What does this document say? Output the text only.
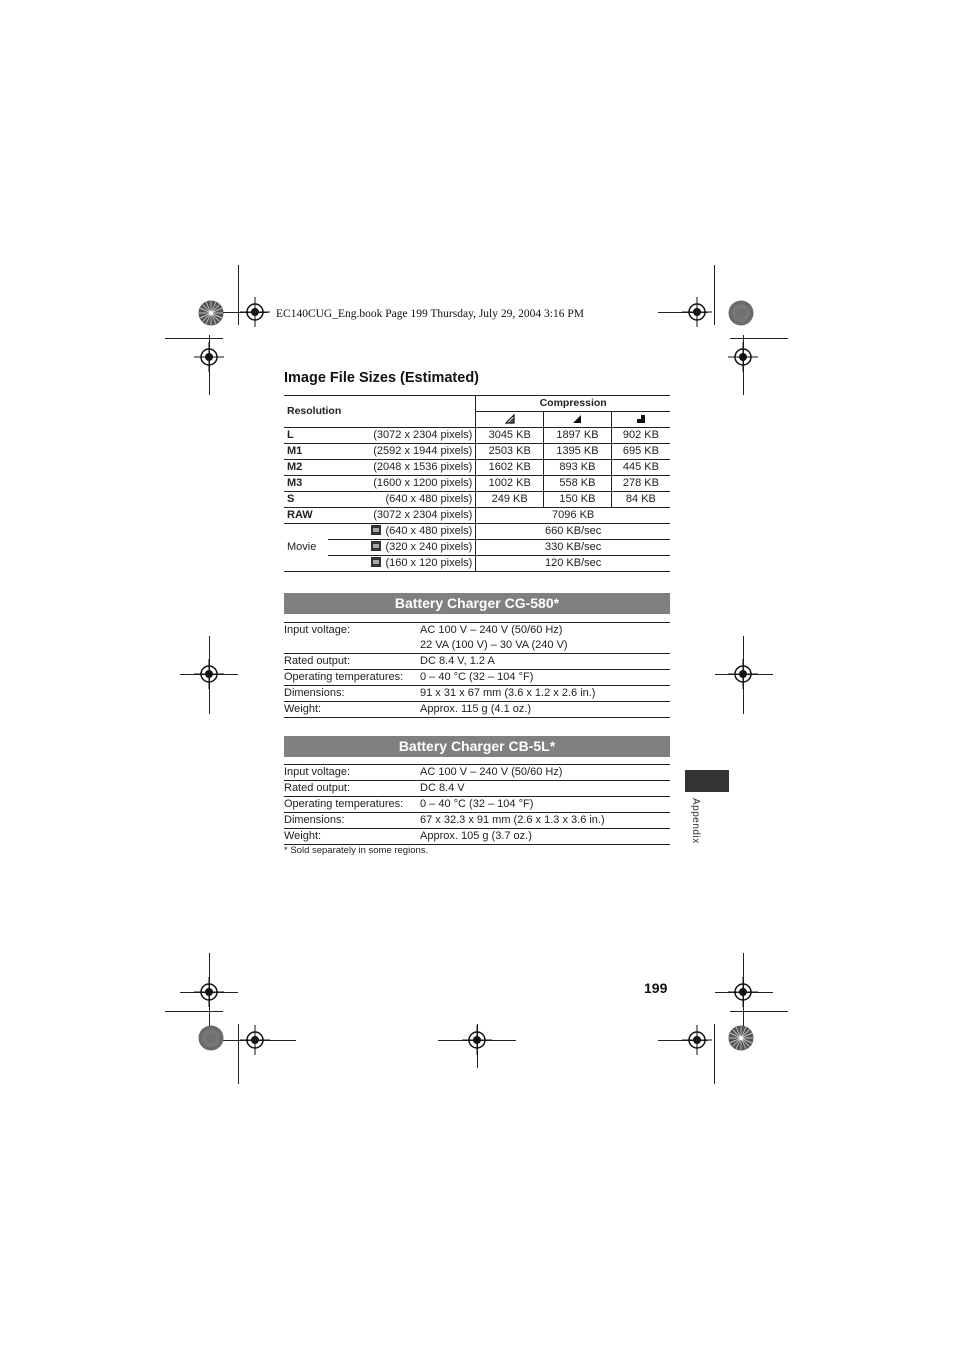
EC140CUG_Eng.book Page 199 Thursday, July 29, 2004 3:16 PM
Image File Sizes (Estimated)
Resolution		Compression		

L	(3072 x 2304 pixels)	3045 KB	1897 KB	902 KB
M1	(2592 x 1944 pixels)	2503 KB	1395 KB	695 KB
M2	(2048 x 1536 pixels)	1602 KB	893 KB	445 KB
M3	(1600 x 1200 pixels)	1002 KB	558 KB	278 KB
S	(640 x 480 pixels)	249 KB	150 KB	84 KB
RAW	(3072 x 2304 pixels)	7096 KB		
Movie	(640 x 480 pixels)	660 KB/sec		
	(320 x 240 pixels)	330 KB/sec		
	(160 x 120 pixels)	120 KB/sec		
Battery Charger CG-580*
Input voltage:	AC 100 V – 240 V (50/60 Hz)
22 VA (100 V) – 30 VA (240 V)

Rated output:	DC 8.4 V, 1.2 A
Operating temperatures:	0 – 40 °C (32 – 104 °F)
Dimensions:	91 x 31 x 67 mm (3.6 x 1.2 x 2.6 in.)
Weight:	Approx. 115 g (4.1 oz.)
Battery Charger CB-5L*
Input voltage:	AC 100 V – 240 V (50/60 Hz)
Rated output:	DC 8.4 V
Operating temperatures:	0 – 40 °C (32 – 104 °F)
Dimensions:	67 x 32.3 x 91 mm (2.6 x 1.3 x 3.6 in.)
Weight:	Approx. 105 g (3.7 oz.)
* Sold separately in some regions.
Appendix
199
